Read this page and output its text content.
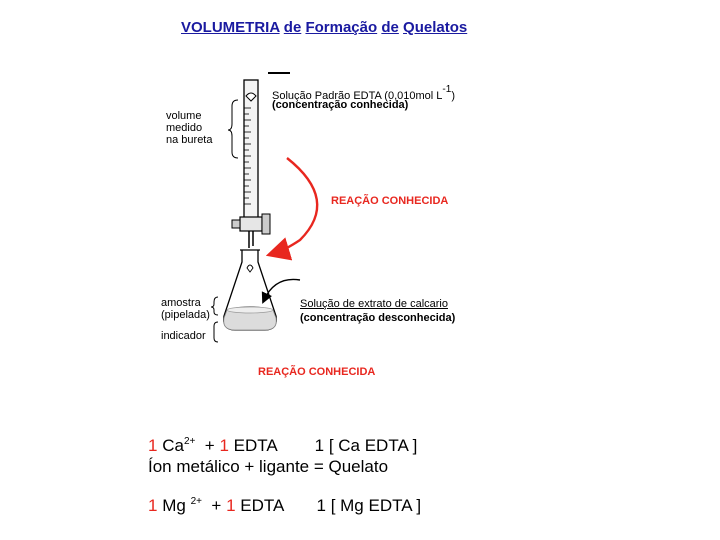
VOLUMETRIA de Formação de Quelatos
Solução Padrão EDTA (0,010mol $L^{-1}$)
(concentração conhecida)
volume
medido
na bureta
REAÇÃO CONHECIDA
REAÇÃO CONHECIDA
amostra
(pipelada)
indicador
Solução de extrato de calcario
(concentração desconhecida)
1 $Ca^{2+} + 1$ EDTA 1 [ Ca EDTA ]
Íon metálico + ligante = Quelato
1 Mg $^{2+}$ + 1 EDTA 1 [ Mg EDTA ]
